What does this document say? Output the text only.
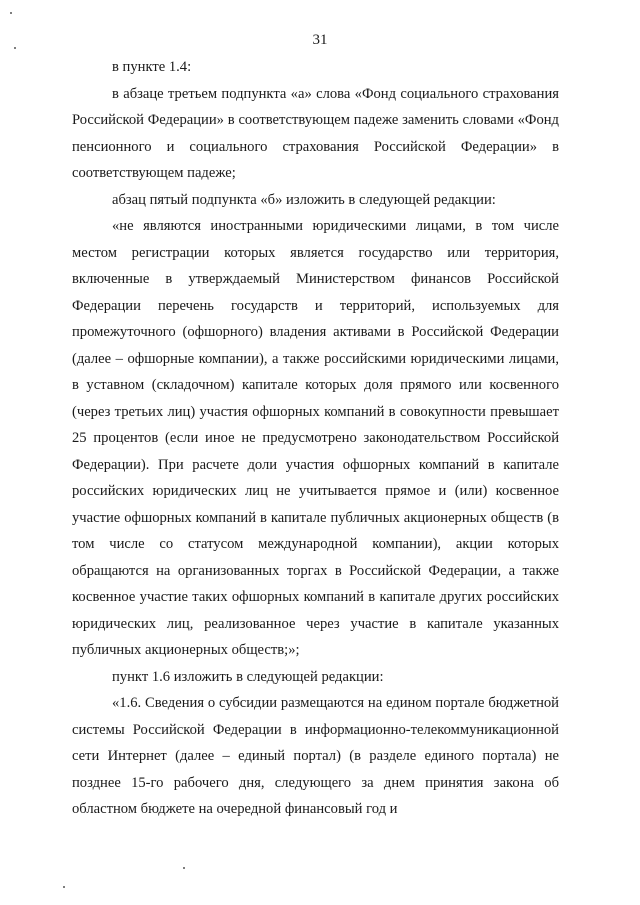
31

в пункте 1.4:

в абзаце третьем подпункта «а» слова «Фонд социального страхования Российской Федерации» в соответствующем падеже заменить словами «Фонд пенсионного и социального страхования Российской Федерации» в соответствующем падеже;

абзац пятый подпункта «б» изложить в следующей редакции:

«не являются иностранными юридическими лицами, в том числе местом регистрации которых является государство или территория, включенные в утверждаемый Министерством финансов Российской Федерации перечень государств и территорий, используемых для промежуточного (офшорного) владения активами в Российской Федерации (далее – офшорные компании), а также российскими юридическими лицами, в уставном (складочном) капитале которых доля прямого или косвенного (через третьих лиц) участия офшорных компаний в совокупности превышает 25 процентов (если иное не предусмотрено законодательством Российской Федерации). При расчете доли участия офшорных компаний в капитале российских юридических лиц не учитывается прямое и (или) косвенное участие офшорных компаний в капитале публичных акционерных обществ (в том числе со статусом международной компании), акции которых обращаются на организованных торгах в Российской Федерации, а также косвенное участие таких офшорных компаний в капитале других российских юридических лиц, реализованное через участие в капитале указанных публичных акционерных обществ;»;

пункт 1.6 изложить в следующей редакции:

«1.6. Сведения о субсидии размещаются на едином портале бюджетной системы Российской Федерации в информационно-телекоммуникационной сети Интернет (далее – единый портал) (в разделе единого портала) не позднее 15-го рабочего дня, следующего за днем принятия закона об областном бюджете на очередной финансовый год и
